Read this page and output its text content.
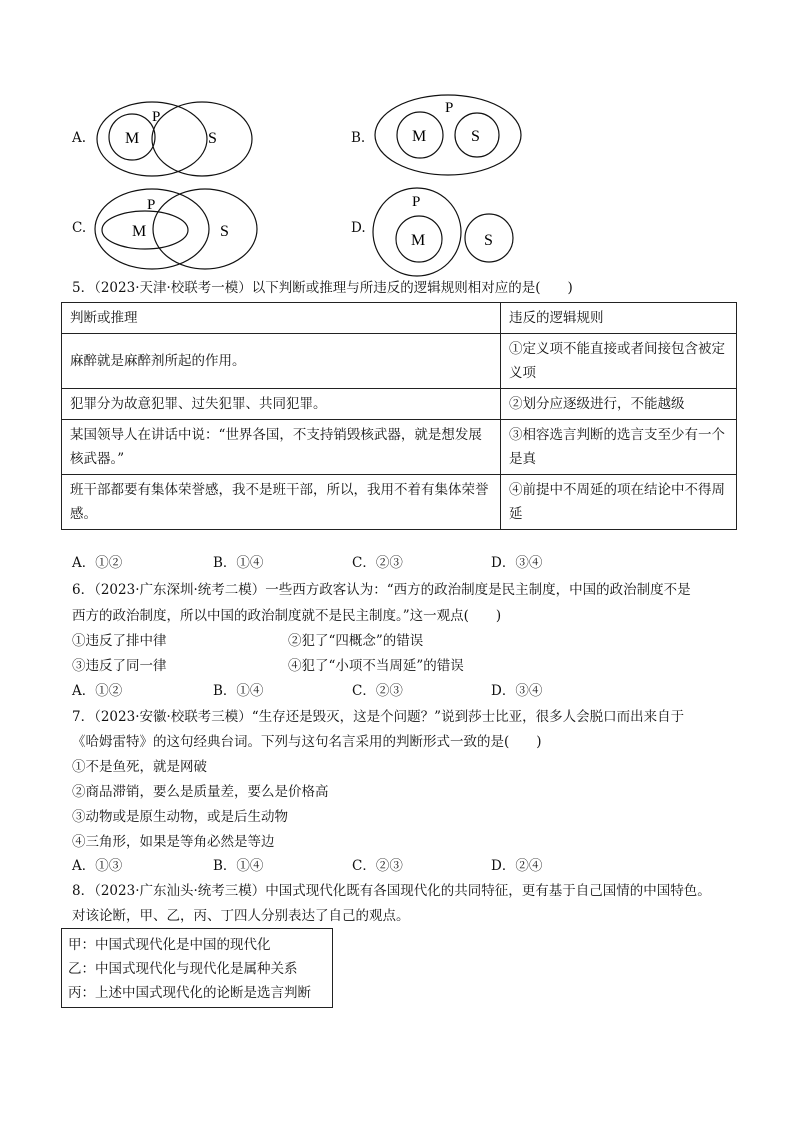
A.
P
M	S	B.
P
M	S
C.
P
M	S	D.
P
M	S
5．（2023·天津·校联考一模）以下判断或推理与所违反的逻辑规则相对应的是(　　)
判断或推理	违反的逻辑规则
麻醉就是麻醉剂所起的作用。	①定义项不能直接或者间接包含被定义项
犯罪分为故意犯罪、过失犯罪、共同犯罪。	②划分应逐级进行，不能越级
某国领导人在讲话中说：“世界各国，不支持销毁核武器，就是想发展核武器。”	③相容选言判断的选言支至少有一个是真
班干部都要有集体荣誉感，我不是班干部，所以，我用不着有集体荣誉感。	④前提中不周延的项在结论中不得周延
A．①②	B．①④	C．②③	D．③④
6．（2023·广东深圳·统考二模）一些西方政客认为：“西方的政治制度是民主制度，中国的政治制度不是
西方的政治制度，所以中国的政治制度就不是民主制度。”这一观点(　　)
①违反了排中律	②犯了“四概念”的错误
③违反了同一律	④犯了“小项不当周延”的错误
A．①②	B．①④	C．②③	D．③④
7．（2023·安徽·校联考三模）“生存还是毁灭，这是个问题？”说到莎士比亚，很多人会脱口而出来自于
《哈姆雷特》的这句经典台词。下列与这句名言采用的判断形式一致的是(　　)
①不是鱼死，就是网破
②商品滞销，要么是质量差，要么是价格高
③动物或是原生动物，或是后生动物
④三角形，如果是等角必然是等边
A．①③	B．①④	C．②③	D．②④
8．（2023·广东汕头·统考三模）中国式现代化既有各国现代化的共同特征，更有基于自己国情的中国特色。
对该论断，甲、乙，丙、丁四人分别表达了自己的观点。
甲：中国式现代化是中国的现代化
乙：中国式现代化与现代化是属种关系
丙：上述中国式现代化的论断是选言判断
